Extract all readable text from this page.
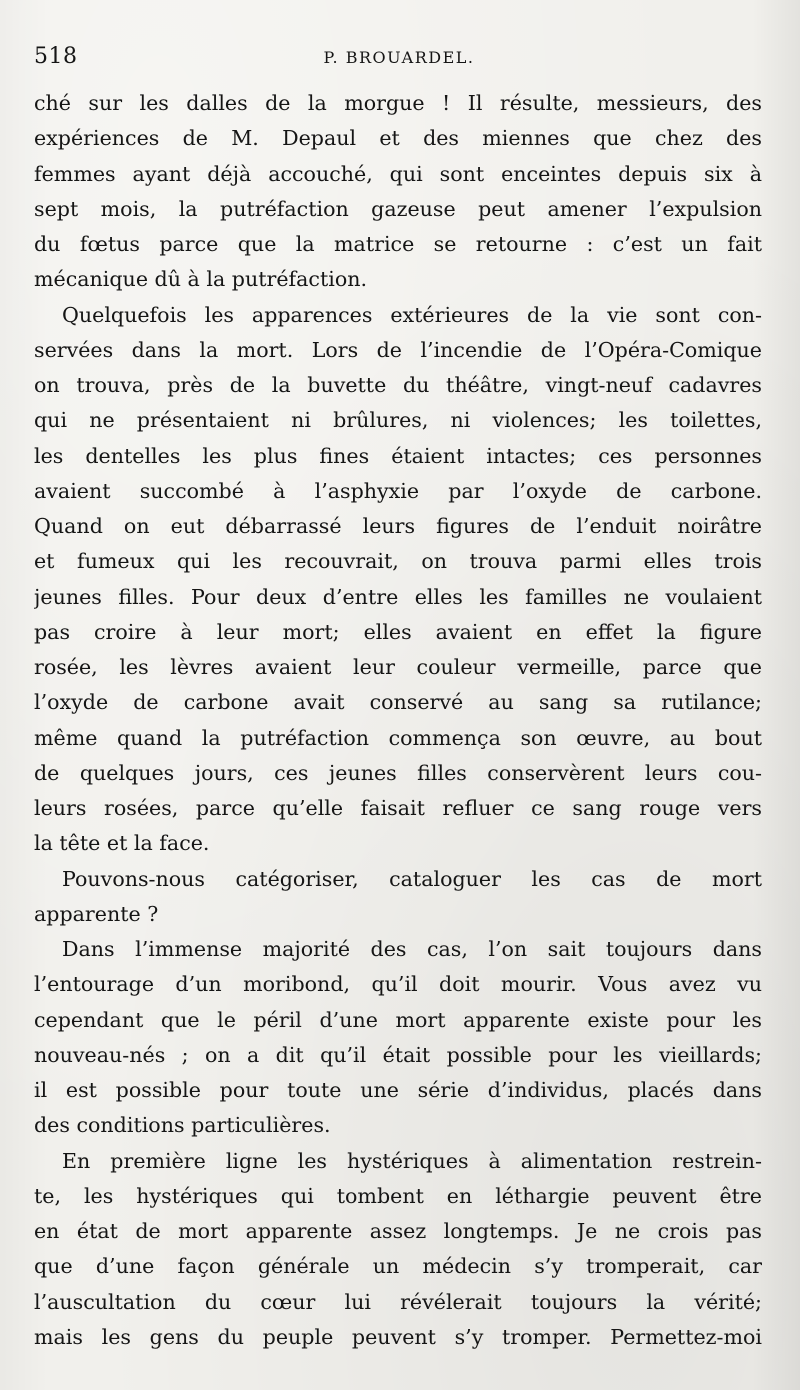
518	P. BROUARDEL.

ché sur les dalles de la morgue ! Il résulte, messieurs, des
expériences de M. Depaul et des miennes que chez des
femmes ayant déjà accouché, qui sont enceintes depuis six à
sept mois, la putréfaction gazeuse peut amener l’expulsion
du fœtus parce que la matrice se retourne : c’est un fait
mécanique dû à la putréfaction.

Quelquefois les apparences extérieures de la vie sont con-
servées dans la mort. Lors de l’incendie de l’Opéra-Comique
on trouva, près de la buvette du théâtre, vingt-neuf cadavres
qui ne présentaient ni brûlures, ni violences; les toilettes,
les dentelles les plus fines étaient intactes; ces personnes
avaient succombé à l’asphyxie par l’oxyde de carbone.
Quand on eut débarrassé leurs figures de l’enduit noirâtre
et fumeux qui les recouvrait, on trouva parmi elles trois
jeunes filles. Pour deux d’entre elles les familles ne voulaient
pas croire à leur mort; elles avaient en effet la figure
rosée, les lèvres avaient leur couleur vermeille, parce que
l’oxyde de carbone avait conservé au sang sa rutilance;
même quand la putréfaction commença son œuvre, au bout
de quelques jours, ces jeunes filles conservèrent leurs cou-
leurs rosées, parce qu’elle faisait refluer ce sang rouge vers
la tête et la face.

Pouvons-nous catégoriser, cataloguer les cas de mort
apparente ?

Dans l’immense majorité des cas, l’on sait toujours dans
l’entourage d’un moribond, qu’il doit mourir. Vous avez vu
cependant que le péril d’une mort apparente existe pour les
nouveau-nés ; on a dit qu’il était possible pour les vieillards;
il est possible pour toute une série d’individus, placés dans
des conditions particulières.

En première ligne les hystériques à alimentation restrein-
te, les hystériques qui tombent en léthargie peuvent être
en état de mort apparente assez longtemps. Je ne crois pas
que d’une façon générale un médecin s’y tromperait, car
l’auscultation du cœur lui révélerait toujours la vérité;
mais les gens du peuple peuvent s’y tromper. Permettez-moi
